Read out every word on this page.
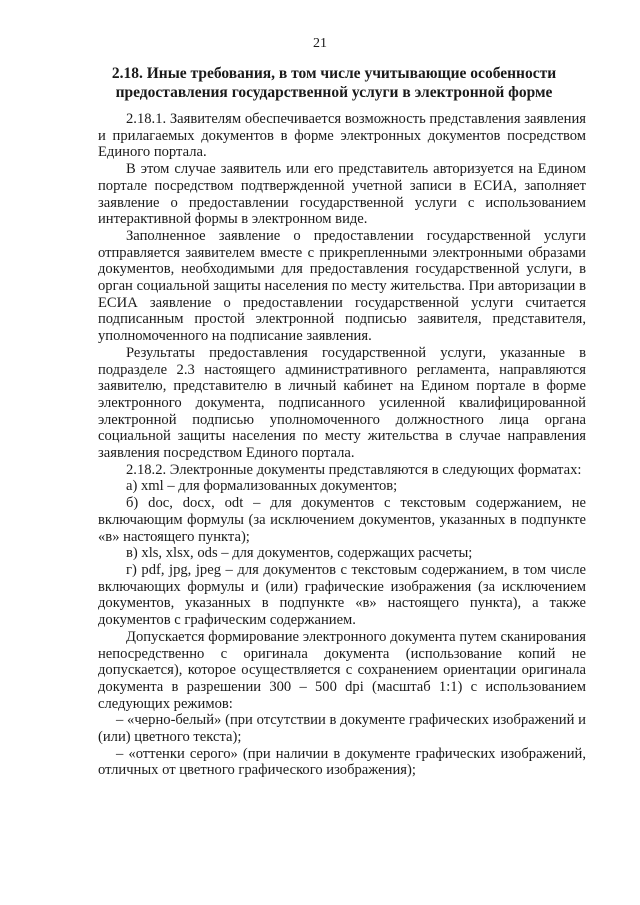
21
2.18. Иные требования, в том числе учитывающие особенности
предоставления государственной услуги в электронной форме

2.18.1. Заявителям обеспечивается возможность представления заявления и прилагаемых документов в форме электронных документов посредством Единого портала.

В этом случае заявитель или его представитель авторизуется на Едином портале посредством подтвержденной учетной записи в ЕСИА, заполняет заявление о предоставлении государственной услуги с использованием интерактивной формы в электронном виде.

Заполненное заявление о предоставлении государственной услуги отправляется заявителем вместе с прикрепленными электронными образами документов, необходимыми для предоставления государственной услуги, в орган социальной защиты населения по месту жительства. При авторизации в ЕСИА заявление о предоставлении государственной услуги считается подписанным простой электронной подписью заявителя, представителя, уполномоченного на подписание заявления.

Результаты предоставления государственной услуги, указанные в подразделе 2.3 настоящего административного регламента, направляются заявителю, представителю в личный кабинет на Едином портале в форме электронного документа, подписанного усиленной квалифицированной электронной подписью уполномоченного должностного лица органа социальной защиты населения по месту жительства в случае направления заявления посредством Единого портала.

2.18.2. Электронные документы представляются в следующих форматах:

а) xml – для формализованных документов;

б) doc, docx, odt – для документов с текстовым содержанием, не включающим формулы (за исключением документов, указанных в подпункте «в» настоящего пункта);

в) xls, xlsx, ods – для документов, содержащих расчеты;

г) pdf, jpg, jpeg – для документов с текстовым содержанием, в том числе включающих формулы и (или) графические изображения (за исключением документов, указанных в подпункте «в» настоящего пункта), а также документов с графическим содержанием.

Допускается формирование электронного документа путем сканирования непосредственно с оригинала документа (использование копий не допускается), которое осуществляется с сохранением ориентации оригинала документа в разрешении 300 – 500 dpi (масштаб 1:1) с использованием следующих режимов:

– «черно-белый» (при отсутствии в документе графических изображений и (или) цветного текста);

– «оттенки серого» (при наличии в документе графических изображений, отличных от цветного графического изображения);
